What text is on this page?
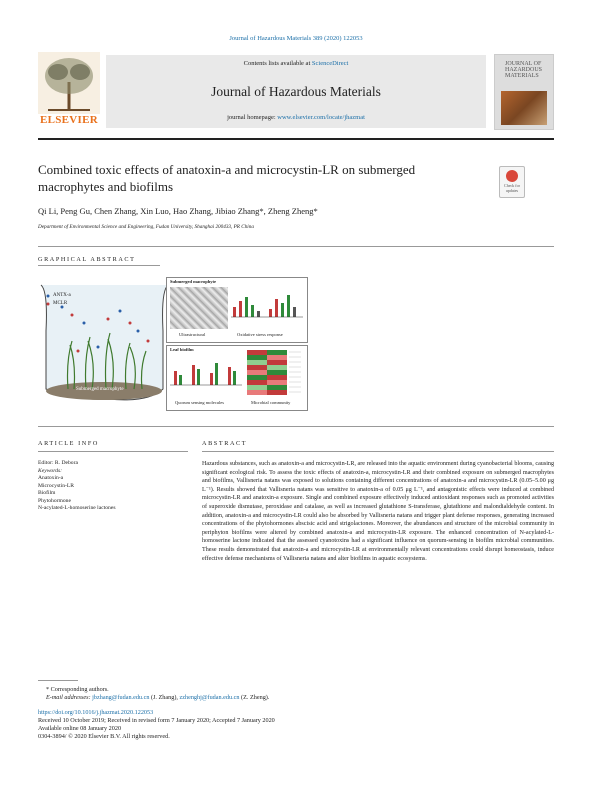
Journal of Hazardous Materials 389 (2020) 122053
ELSEVIER
Contents lists available at ScienceDirect
Journal of Hazardous Materials
journal homepage: www.elsevier.com/locate/jhazmat
JOURNAL OF
HAZARDOUS
MATERIALS
Combined toxic effects of anatoxin-a and microcystin-LR on submerged macrophytes and biofilms	Check for updates
Qi Li, Peng Gu, Chen Zhang, Xin Luo, Hao Zhang, Jibiao Zhang*, Zheng Zheng*
Department of Environmental Science and Engineering, Fudan University, Shanghai 200433, PR China
GRAPHICAL ABSTRACT
ANTX-a
MCLR
Submerged macrophyte
Submerged macrophyte
Ultrastructural	Oxidative stress response
Leaf biofilm
Quorum sensing molecules	Microbial community
ARTICLE INFO
Editor: R. Debora
Keywords:
Anatoxin-a
Microcystin-LR
Biofilm
Phytohormone
N-acylated-L-homoserine lactones
ABSTRACT
Hazardous substances, such as anatoxin-a and microcystin-LR, are released into the aquatic environment during cyanobacterial blooms, causing significant ecological risk. To assess the toxic effects of anatoxin-a, microcystin-LR and their combined exposure on submerged macrophytes and biofilms, Vallisneria natans was exposed to solutions containing different concentrations of anatoxin-a and microcystin-LR (0.05–5.00 μg L⁻¹). Results showed that Vallisneria natans was sensitive to anatoxin-a of 0.05 μg L⁻¹, and antagonistic effects were induced at combined microcystin-LR and anatoxin-a exposure. Single and combined exposure effectively induced antioxidant responses such as promoted activities of superoxide dismutase, peroxidase and catalase, as well as increased glutathione S-transferase, glutathione and malondialdehyde content. In addition, anatoxin-a and microcystin-LR could also be absorbed by Vallisneria natans and trigger plant defense responses, generating increased concentrations of the phytohormones abscisic acid and strigolactones. Moreover, the abundances and structure of the microbial community in periphyton biofilms were altered by combined anatoxin-a and microcystin-LR exposure. The enhanced concentration of N-acylated-L-homoserine lactone indicated that the assessed cyanotoxins had a significant influence on quorum-sensing in biofilm microbial communities. These results demonstrated that anatoxin-a and microcystin-LR at environmentally relevant concentrations could disrupt homeostasis, induce effective defense mechanisms of Vallisneria natans and alter biofilms in aquatic ecosystems.
* Corresponding authors.
E-mail addresses: jbzhang@fudan.edu.cn (J. Zhang), zzhenghj@fudan.edu.cn (Z. Zheng).
https://doi.org/10.1016/j.jhazmat.2020.122053
Received 10 October 2019; Received in revised form 7 January 2020; Accepted 7 January 2020
Available online 08 January 2020
0304-3894/ © 2020 Elsevier B.V. All rights reserved.
